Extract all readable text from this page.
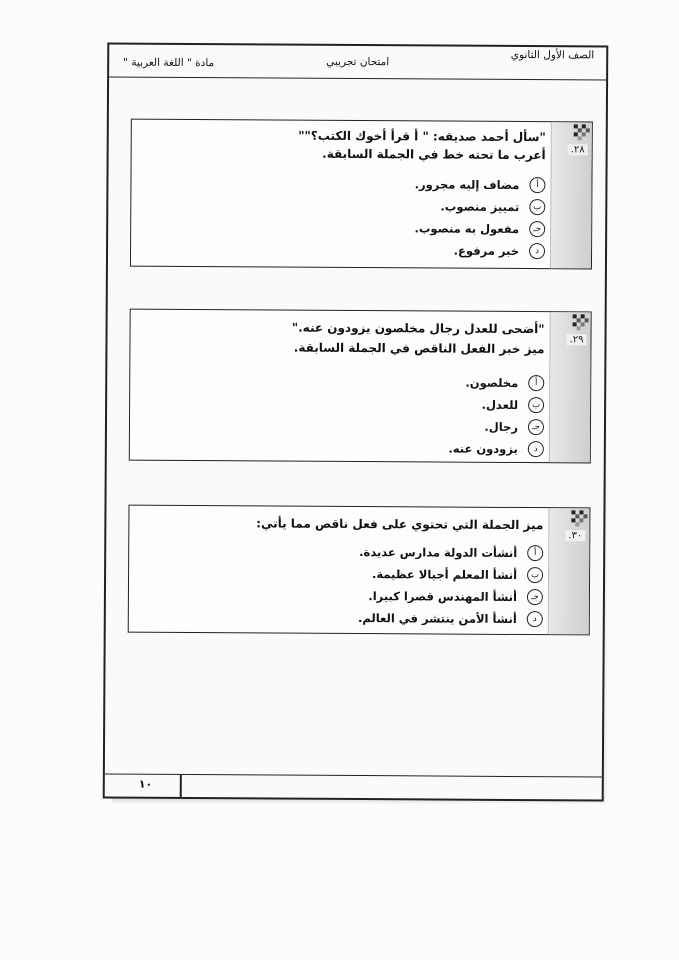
الصف الأول الثانوي
امتحان تجريبي
مادة " اللغة العربية "
٢٨.
"سأل أحمد صديقه: " أ قرأ أخوك الكتب؟""
أعرب ما تحته خط في الجملة السابقة.
أ
مضاف إليه مجرور.
ب
تمييز منصوب.
جـ
مفعول به منصوب.
د
خبر مرفوع.
٢٩.
"أضحى للعدل رجال مخلصون يزودون عنه."
ميز خبر الفعل الناقص في الجملة السابقة.
أ
مخلصون.
ب
للعدل.
جـ
رجال.
د
يزودون عنه.
٣٠.
ميز الجملة التي تحتوي على فعل ناقص مما يأتي:
أ
أنشأت الدولة مدارس عديدة.
ب
أنشأ المعلم أجيالا عظيمة.
جـ
أنشأ المهندس قصرا كبيرا.
د
أنشأ الأمن ينتشر في العالم.
١٠
